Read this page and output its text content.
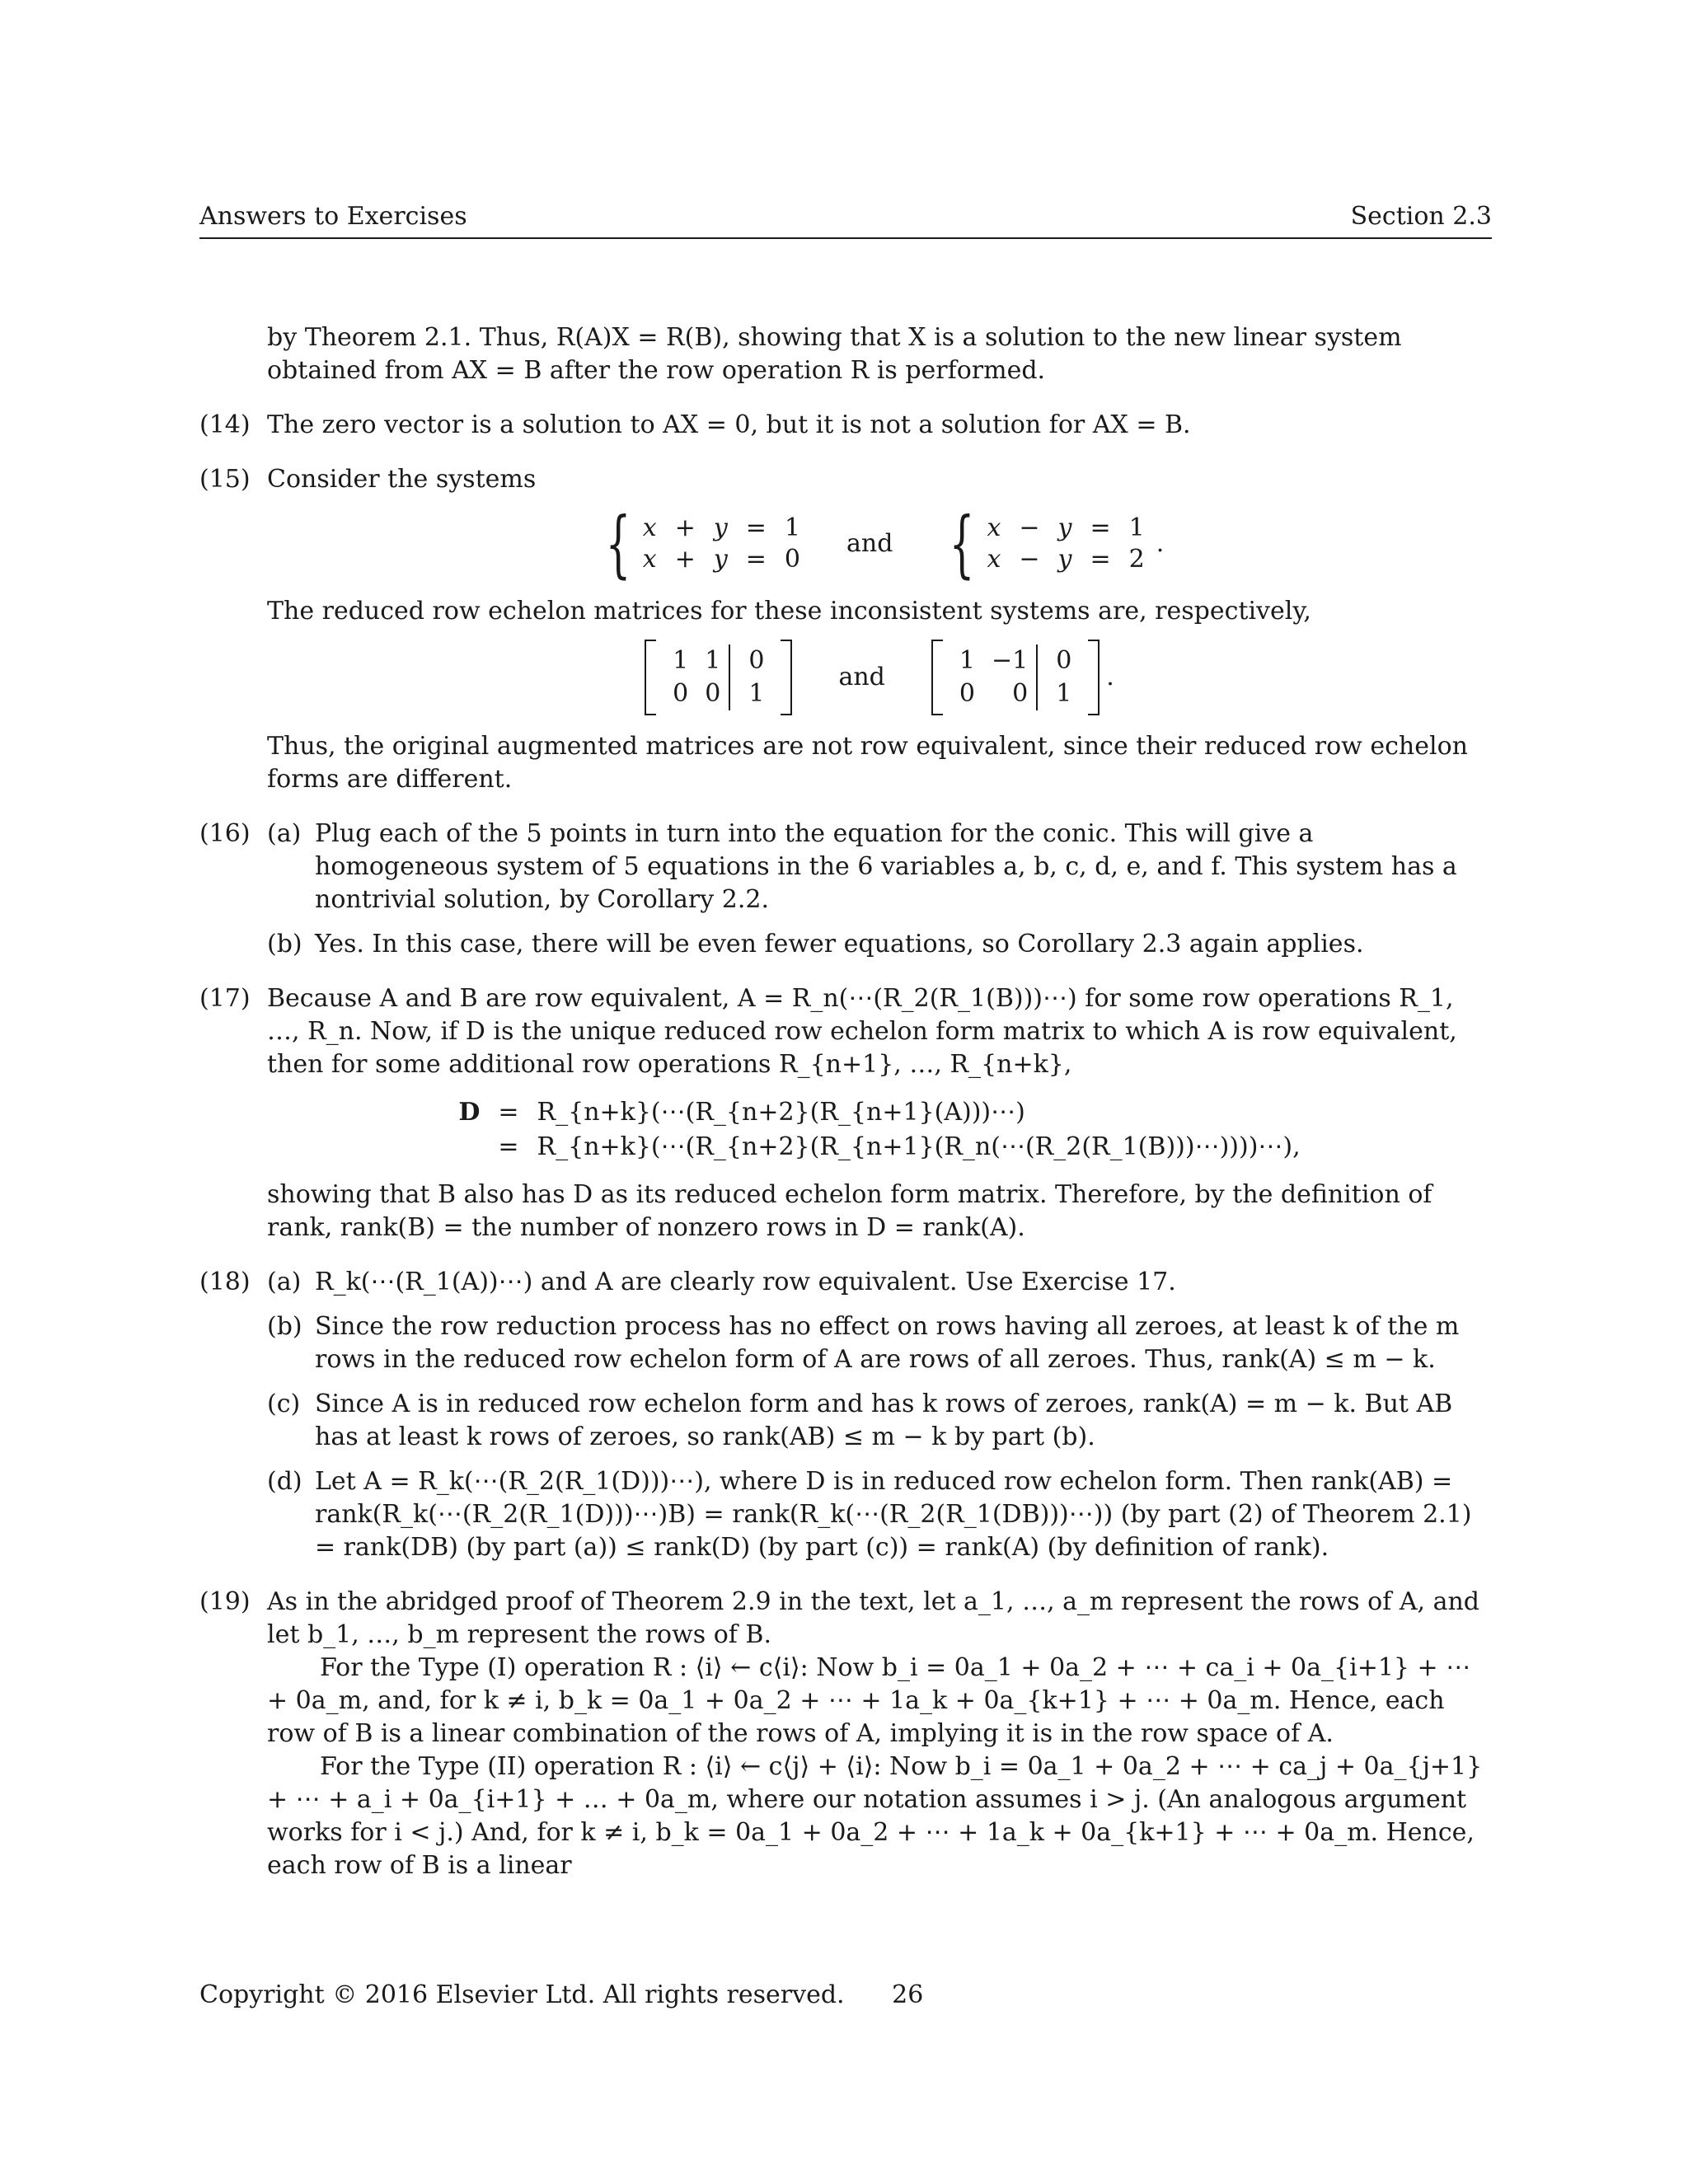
Answers to Exercises	Section 2.3

by Theorem 2.1. Thus, R(A)X = R(B), showing that X is a solution to the new linear system obtained from AX = B after the row operation R is performed.

(14) The zero vector is a solution to AX = 0, but it is not a solution for AX = B.
(15) Consider the systems
{ x + y = 1
x + y = 0
and { x − y = 1
x − y = 2
.
The reduced row echelon matrices for these inconsistent systems are, respectively,
1 1	0
0 0	1
and
1 −1	0
0	0	1
.
Thus, the original augmented matrices are not row equivalent, since their reduced row echelon forms are different.
(16) (a) Plug each of the 5 points in turn into the equation for the conic. This will give a homogeneous system of 5 equations in the 6 variables a, b, c, d, e, and f. This system has a nontrivial solution, by Corollary 2.2.
(b) Yes. In this case, there will be even fewer equations, so Corollary 2.3 again applies.
(17) Because A and B are row equivalent, A = R_n(⋯(R_2(R_1(B)))⋯) for some row operations R_1, …, R_n. Now, if D is the unique reduced row echelon form matrix to which A is row equivalent, then for some additional row operations R_{n+1}, …, R_{n+k},
D = R_{n+k}(⋯(R_{n+2}(R_{n+1}(A)))⋯)
= R_{n+k}(⋯(R_{n+2}(R_{n+1}(R_n(⋯(R_2(R_1(B)))⋯))))⋯),
showing that B also has D as its reduced echelon form matrix. Therefore, by the definition of rank, rank(B) = the number of nonzero rows in D = rank(A).
(18) (a) R_k(⋯(R_1(A))⋯) and A are clearly row equivalent. Use Exercise 17.
(b) Since the row reduction process has no effect on rows having all zeroes, at least k of the m rows in the reduced row echelon form of A are rows of all zeroes. Thus, rank(A) ≤ m − k.
(c) Since A is in reduced row echelon form and has k rows of zeroes, rank(A) = m − k. But AB has at least k rows of zeroes, so rank(AB) ≤ m − k by part (b).
(d) Let A = R_k(⋯(R_2(R_1(D)))⋯), where D is in reduced row echelon form. Then rank(AB) = rank(R_k(⋯(R_2(R_1(D)))⋯)B) = rank(R_k(⋯(R_2(R_1(DB)))⋯)) (by part (2) of Theorem 2.1) = rank(DB) (by part (a)) ≤ rank(D) (by part (c)) = rank(A) (by definition of rank).
(19) As in the abridged proof of Theorem 2.9 in the text, let a_1, …, a_m represent the rows of A, and let b_1, …, b_m represent the rows of B.
For the Type (I) operation R : ⟨i⟩ ← c⟨i⟩: Now b_i = 0a_1 + 0a_2 + ⋯ + ca_i + 0a_{i+1} + ⋯ + 0a_m, and, for k ≠ i, b_k = 0a_1 + 0a_2 + ⋯ + 1a_k + 0a_{k+1} + ⋯ + 0a_m. Hence, each row of B is a linear combination of the rows of A, implying it is in the row space of A.
For the Type (II) operation R : ⟨i⟩ ← c⟨j⟩ + ⟨i⟩: Now b_i = 0a_1 + 0a_2 + ⋯ + ca_j + 0a_{j+1} + ⋯ + a_i + 0a_{i+1} + … + 0a_m, where our notation assumes i > j. (An analogous argument works for i < j.) And, for k ≠ i, b_k = 0a_1 + 0a_2 + ⋯ + 1a_k + 0a_{k+1} + ⋯ + 0a_m. Hence, each row of B is a linear
Copyright © 2016 Elsevier Ltd. All rights reserved. 26
